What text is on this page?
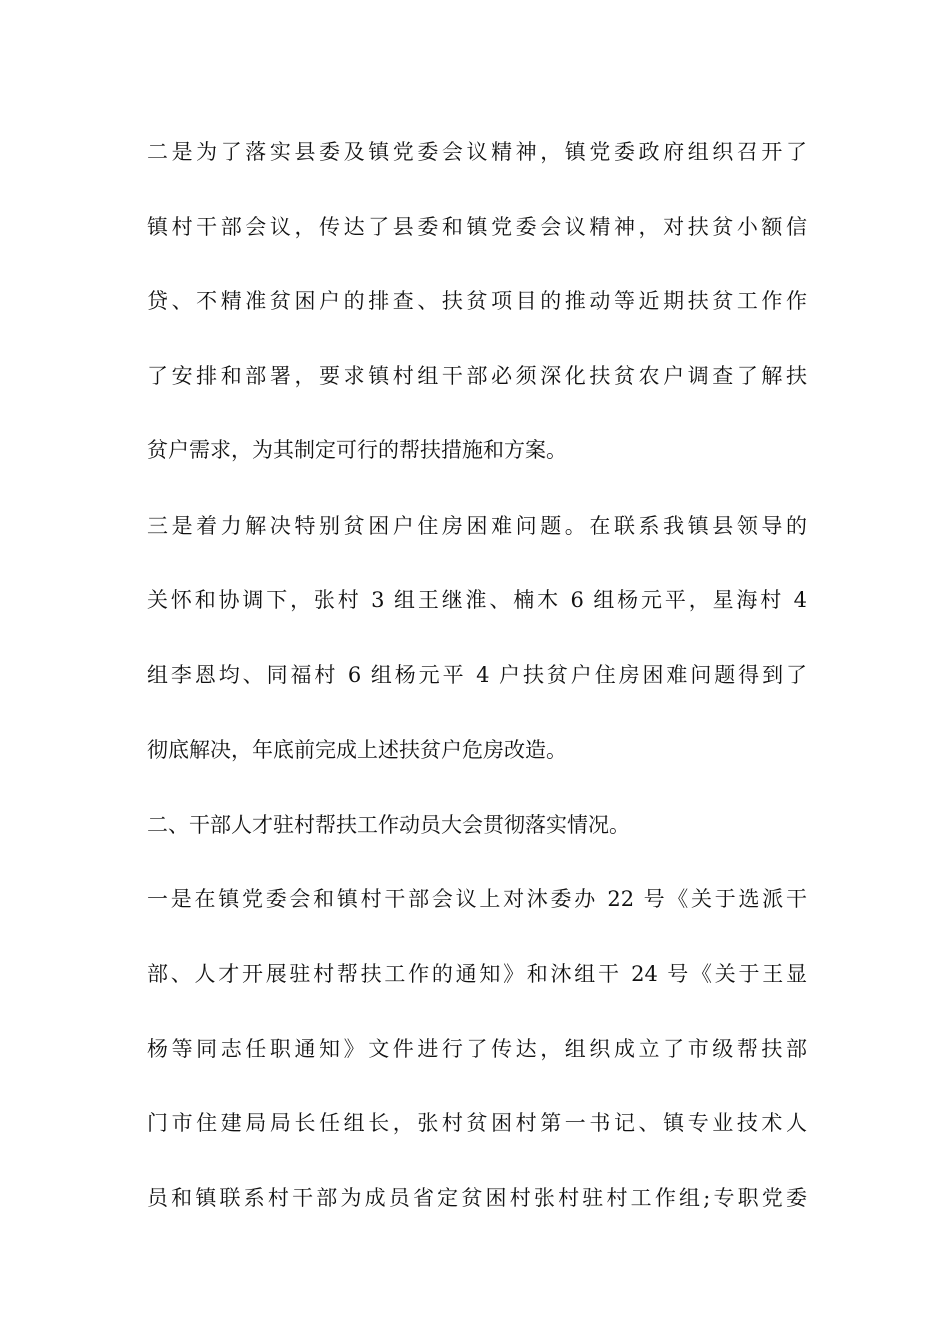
二是为了落实县委及镇党委会议精神，镇党委政府组织召开了
镇村干部会议，传达了县委和镇党委会议精神，对扶贫小额信
贷、不精准贫困户的排查、扶贫项目的推动等近期扶贫工作作
了安排和部署，要求镇村组干部必须深化扶贫农户调查了解扶
贫户需求，为其制定可行的帮扶措施和方案。
三是着力解决特别贫困户住房困难问题。在联系我镇县领导的
关怀和协调下，张村 3 组王继淮、楠木 6 组杨元平，星海村 4
组李恩均、同福村 6 组杨元平 4 户扶贫户住房困难问题得到了
彻底解决，年底前完成上述扶贫户危房改造。
二、干部人才驻村帮扶工作动员大会贯彻落实情况。
一是在镇党委会和镇村干部会议上对沐委办 22 号《关于选派干
部、人才开展驻村帮扶工作的通知》和沐组干 24 号《关于王显
杨等同志任职通知》文件进行了传达，组织成立了市级帮扶部
门市住建局局长任组长，张村贫困村第一书记、镇专业技术人
员和镇联系村干部为成员省定贫困村张村驻村工作组;专职党委
